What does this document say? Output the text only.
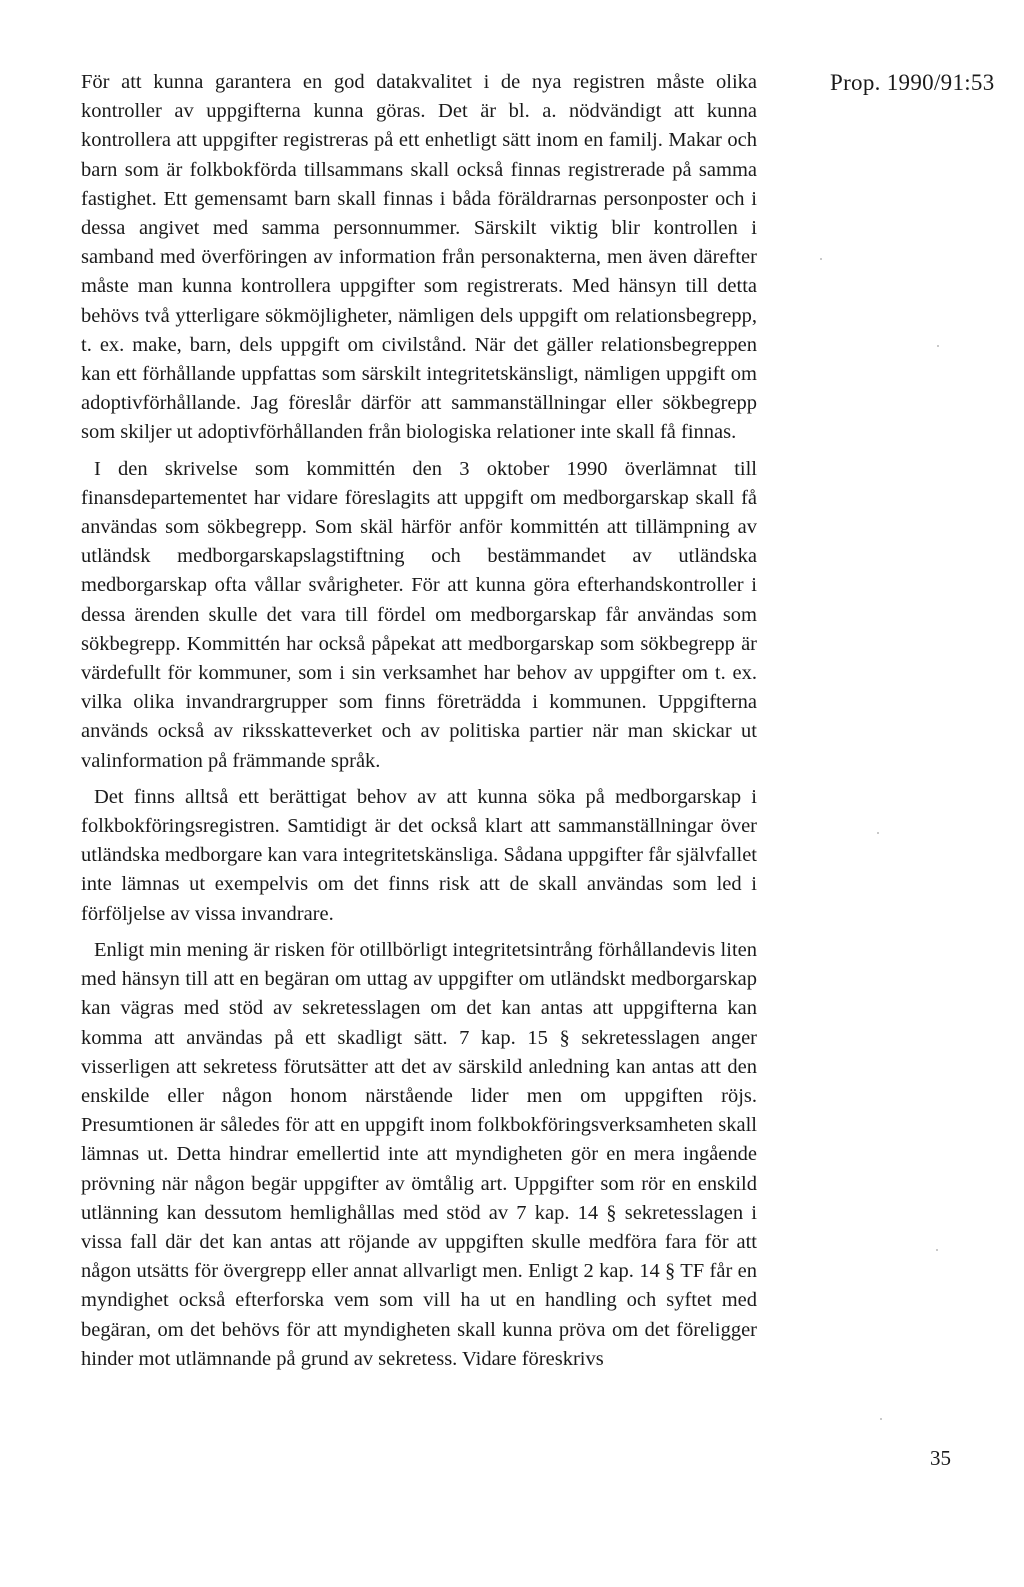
Prop. 1990/91:53

För att kunna garantera en god datakvalitet i de nya registren måste olika kontroller av uppgifterna kunna göras. Det är bl. a. nödvändigt att kunna kontrollera att uppgifter registreras på ett enhetligt sätt inom en familj. Makar och barn som är folkbokförda tillsammans skall också finnas registrerade på samma fastighet. Ett gemensamt barn skall finnas i båda föräldrarnas personposter och i dessa angivet med samma personnummer. Särskilt viktig blir kontrollen i samband med överföringen av information från personakterna, men även därefter måste man kunna kontrollera uppgifter som registrerats. Med hänsyn till detta behövs två ytterligare sökmöjligheter, nämligen dels uppgift om relationsbegrepp, t. ex. make, barn, dels uppgift om civilstånd. När det gäller relationsbegreppen kan ett förhållande uppfattas som särskilt integritetskänsligt, nämligen uppgift om adoptivförhållande. Jag föreslår därför att sammanställningar eller sökbegrepp som skiljer ut adoptivförhållanden från biologiska relationer inte skall få finnas.

I den skrivelse som kommittén den 3 oktober 1990 överlämnat till finansdepartementet har vidare föreslagits att uppgift om medborgarskap skall få användas som sökbegrepp. Som skäl härför anför kommittén att tillämpning av utländsk medborgarskapslagstiftning och bestämmandet av utländska medborgarskap ofta vållar svårigheter. För att kunna göra efterhandskontroller i dessa ärenden skulle det vara till fördel om medborgarskap får användas som sökbegrepp. Kommittén har också påpekat att medborgarskap som sökbegrepp är värdefullt för kommuner, som i sin verksamhet har behov av uppgifter om t. ex. vilka olika invandrargrupper som finns företrädda i kommunen. Uppgifterna används också av riksskatteverket och av politiska partier när man skickar ut valinformation på främmande språk.

Det finns alltså ett berättigat behov av att kunna söka på medborgarskap i folkbokföringsregistren. Samtidigt är det också klart att sammanställningar över utländska medborgare kan vara integritetskänsliga. Sådana uppgifter får självfallet inte lämnas ut exempelvis om det finns risk att de skall användas som led i förföljelse av vissa invandrare.

Enligt min mening är risken för otillbörligt integritetsintrång förhållandevis liten med hänsyn till att en begäran om uttag av uppgifter om utländskt medborgarskap kan vägras med stöd av sekretesslagen om det kan antas att uppgifterna kan komma att användas på ett skadligt sätt. 7 kap. 15 § sekretesslagen anger visserligen att sekretess förutsätter att det av särskild anledning kan antas att den enskilde eller någon honom närstående lider men om uppgiften röjs. Presumtionen är således för att en uppgift inom folkbokföringsverksamheten skall lämnas ut. Detta hindrar emellertid inte att myndigheten gör en mera ingående prövning när någon begär uppgifter av ömtålig art. Uppgifter som rör en enskild utlänning kan dessutom hemlighållas med stöd av 7 kap. 14 § sekretesslagen i vissa fall där det kan antas att röjande av uppgiften skulle medföra fara för att någon utsätts för övergrepp eller annat allvarligt men. Enligt 2 kap. 14 § TF får en myndighet också efterforska vem som vill ha ut en handling och syftet med begäran, om det behövs för att myndigheten skall kunna pröva om det föreligger hinder mot utlämnande på grund av sekretess. Vidare föreskrivs

35
